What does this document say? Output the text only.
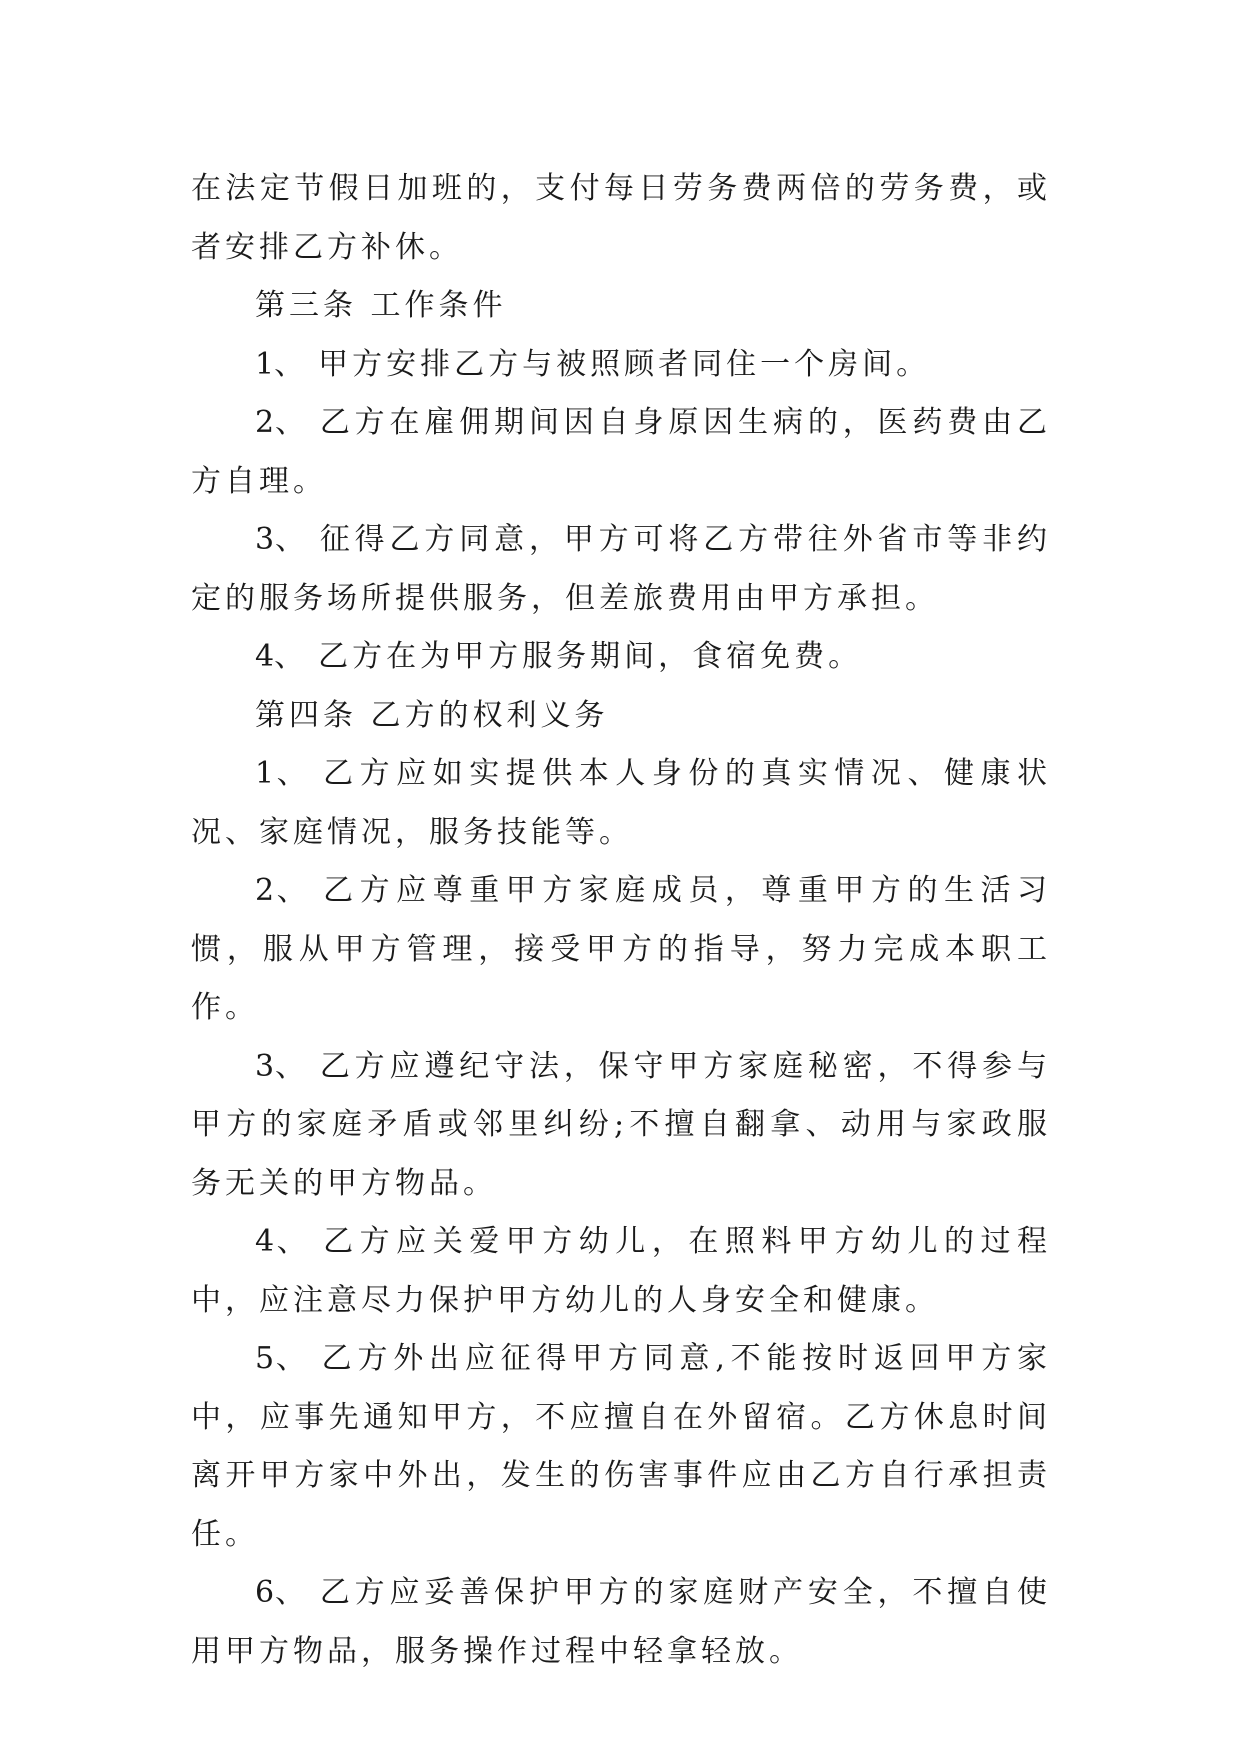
在法定节假日加班的，支付每日劳务费两倍的劳务费，或者安排乙方补休。

第三条 工作条件

1、 甲方安排乙方与被照顾者同住一个房间。

2、 乙方在雇佣期间因自身原因生病的，医药费由乙方自理。

3、 征得乙方同意，甲方可将乙方带往外省市等非约定的服务场所提供服务，但差旅费用由甲方承担。

4、 乙方在为甲方服务期间，食宿免费。

第四条 乙方的权利义务

1、 乙方应如实提供本人身份的真实情况、健康状况、家庭情况，服务技能等。

2、 乙方应尊重甲方家庭成员，尊重甲方的生活习惯，服从甲方管理，接受甲方的指导，努力完成本职工作。

3、 乙方应遵纪守法，保守甲方家庭秘密，不得参与甲方的家庭矛盾或邻里纠纷;不擅自翻拿、动用与家政服务无关的甲方物品。

4、 乙方应关爱甲方幼儿，在照料甲方幼儿的过程中，应注意尽力保护甲方幼儿的人身安全和健康。

5、 乙方外出应征得甲方同意,不能按时返回甲方家中，应事先通知甲方，不应擅自在外留宿。乙方休息时间离开甲方家中外出，发生的伤害事件应由乙方自行承担责任。

6、 乙方应妥善保护甲方的家庭财产安全，不擅自使用甲方物品，服务操作过程中轻拿轻放。
